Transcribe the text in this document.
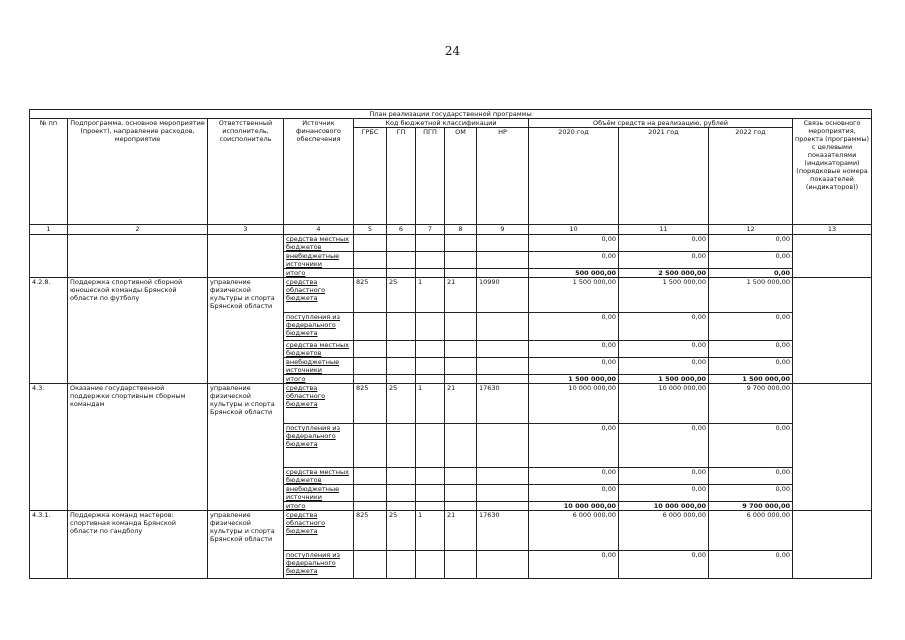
24
План реализации государственной программы												
№ пп	Подпрограмма, основное мероприятие (проект), направление расходов, мероприятие	Ответственный исполнитель, соисполнитель	Источник финансового обеспечения	Код бюджетной классификации					Объём средств на реализацию, рублей			Связь основного мероприятия, проекта (программы) с целевыми показателями (индикаторами) (порядковые номера показателей (индикаторов))
				ГРБС	ГП	ПГП	ОМ	НР	2020 год	2021 год	2022 год	
1	2	3	4	5	6	7	8	9	10	11	12	13
			средства местных бюджетов						0,00	0,00	0,00	
			внебюджетные источники						0,00	0,00	0,00	
			итого						500 000,00	2 500 000,00	0,00	
4.2.8.	Поддержка спортивной сборной юношеской команды Брянской области по футболу	управление физической культуры и спорта Брянской области	средства областного бюджета	825	25	1	21	10990	1 500 000,00	1 500 000,00	1 500 000,00	
			поступления из федерального бюджета						0,00	0,00	0,00	
			средства местных бюджетов						0,00	0,00	0,00	
			внебюджетные источники						0,00	0,00	0,00	
			итого						1 500 000,00	1 500 000,00	1 500 000,00	
4.3.	Оказание государственной поддержки спортивным сборным командам	управление физической культуры и спорта Брянской области	средства областного бюджета	825	25	1	21	17630	10 000 000,00	10 000 000,00	9 700 000,00	
			поступления из федерального бюджета						0,00	0,00	0,00	
			средства местных бюджетов						0,00	0,00	0,00	
			внебюджетные источники						0,00	0,00	0,00	
			итого						10 000 000,00	10 000 000,00	9 700 000,00	
4.3.1.	Поддержка команд мастеров: спортивная команда Брянской области по гандболу	управление физической культуры и спорта Брянской области	средства областного бюджета	825	25	1	21	17630	6 000 000,00	6 000 000,00	6 000 000,00	
			поступления из федерального бюджета						0,00	0,00	0,00	
